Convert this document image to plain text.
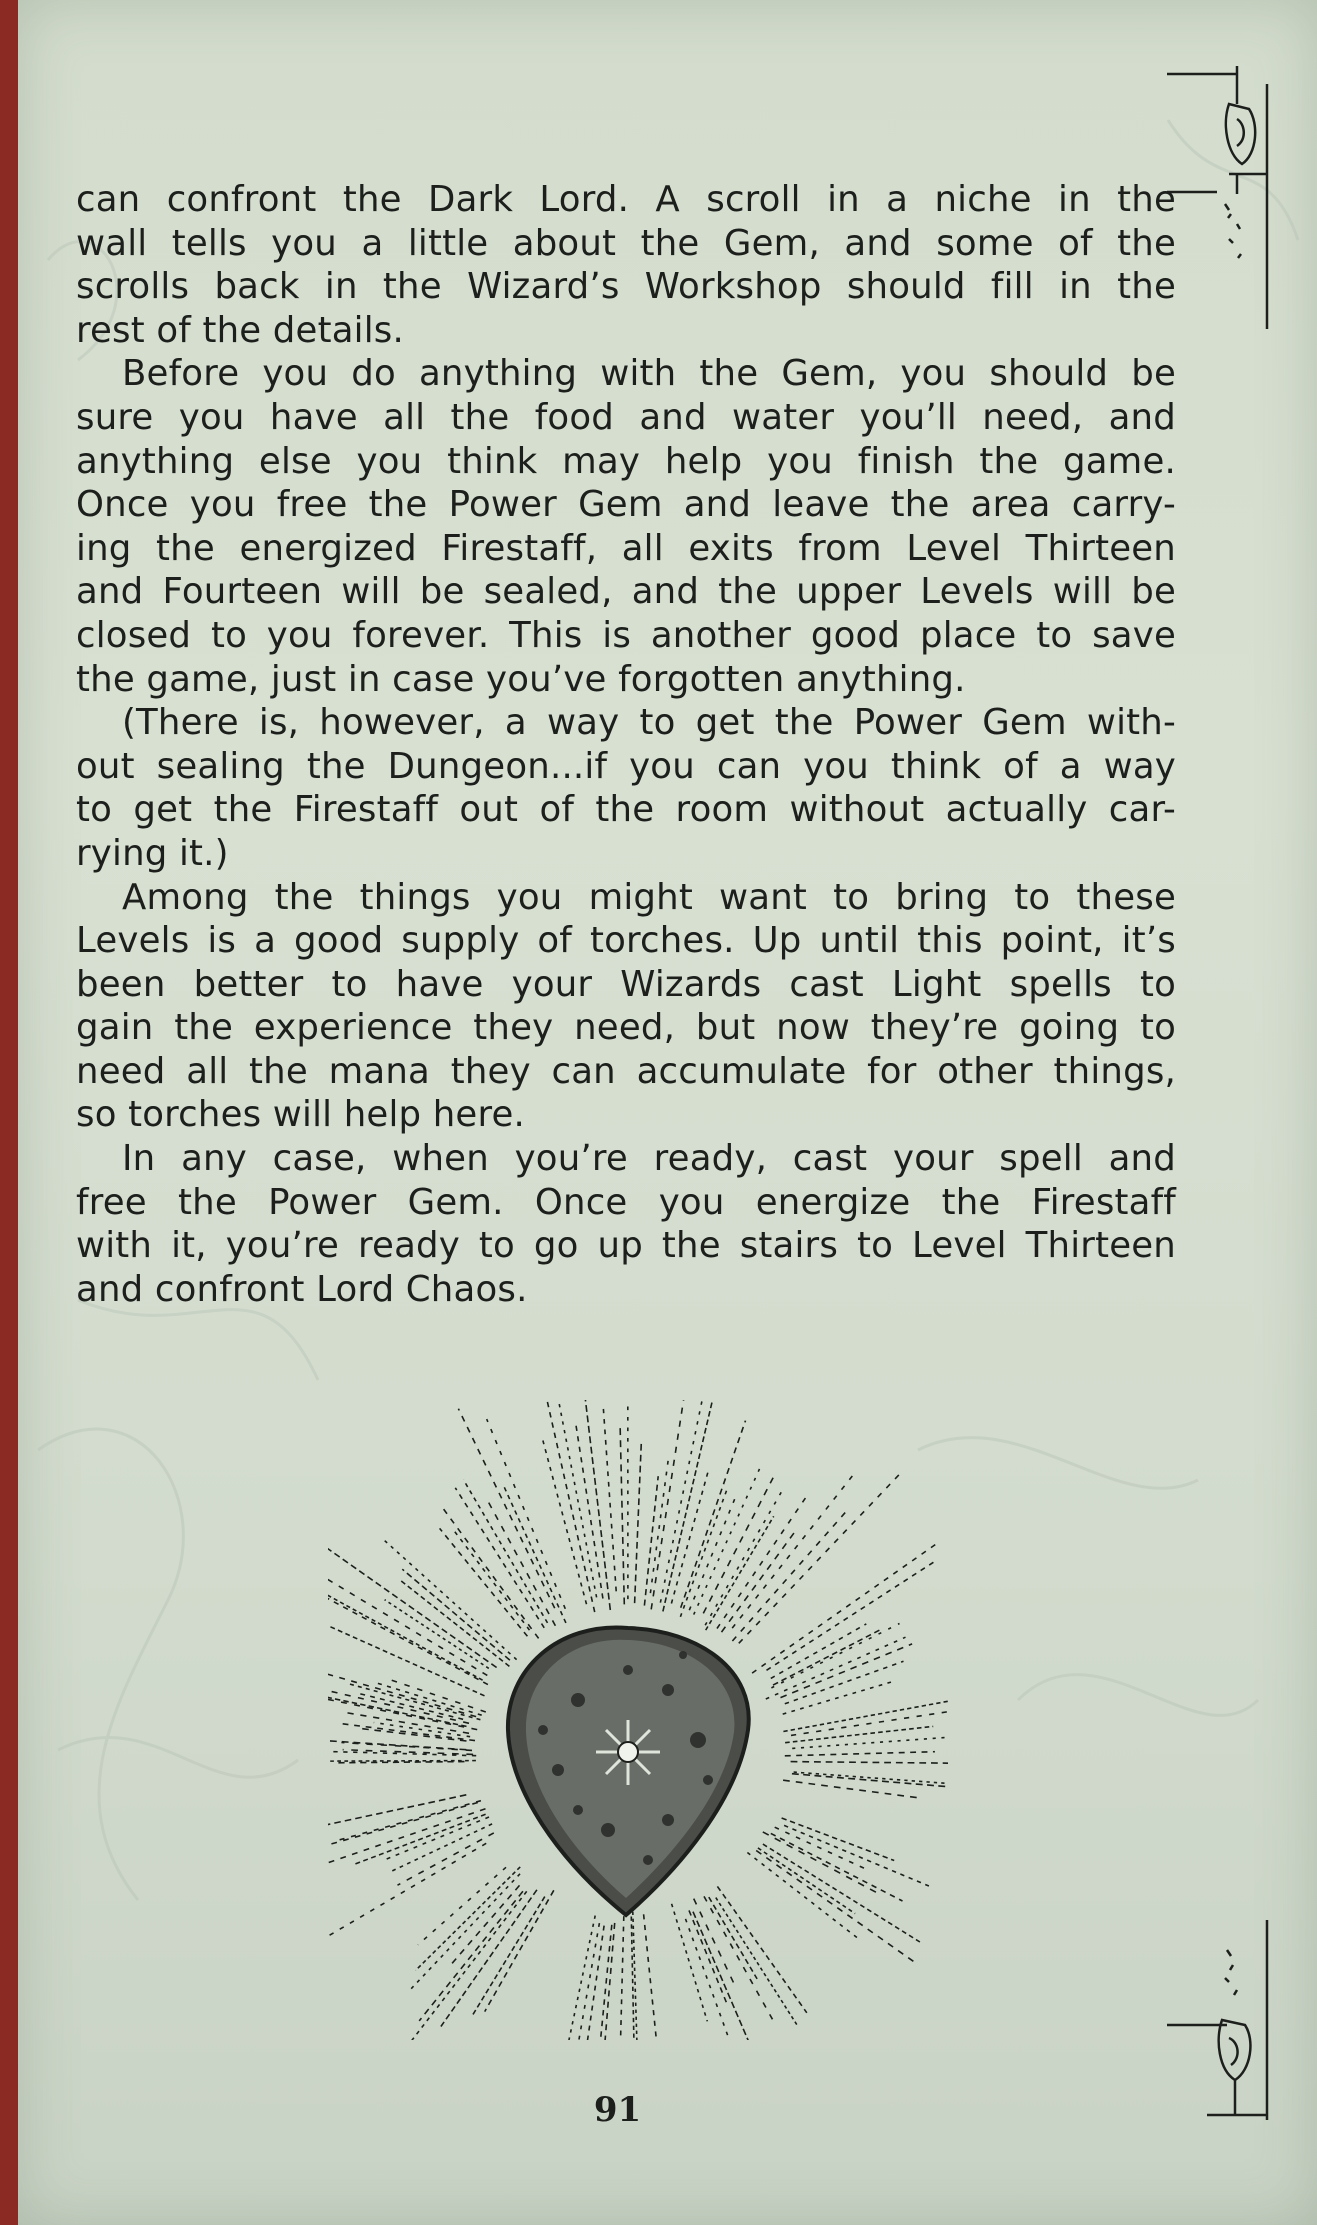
can confront the Dark Lord. A scroll in a niche in the
wall tells you a little about the Gem, and some of the
scrolls back in the Wizard’s Workshop should fill in the
rest of the details.

Before you do anything with the Gem, you should be
sure you have all the food and water you’ll need, and
anything else you think may help you finish the game.
Once you free the Power Gem and leave the area carry-
ing the energized Firestaff, all exits from Level Thirteen
and Fourteen will be sealed, and the upper Levels will be
closed to you forever. This is another good place to save
the game, just in case you’ve forgotten anything.

(There is, however, a way to get the Power Gem with-
out sealing the Dungeon...if you can you think of a way
to get the Firestaff out of the room without actually car-
rying it.)

Among the things you might want to bring to these
Levels is a good supply of torches. Up until this point, it’s
been better to have your Wizards cast Light spells to
gain the experience they need, but now they’re going to
need all the mana they can accumulate for other things,
so torches will help here.

In any case, when you’re ready, cast your spell and
free the Power Gem. Once you energize the Firestaff
with it, you’re ready to go up the stairs to Level Thirteen
and confront Lord Chaos.

91
